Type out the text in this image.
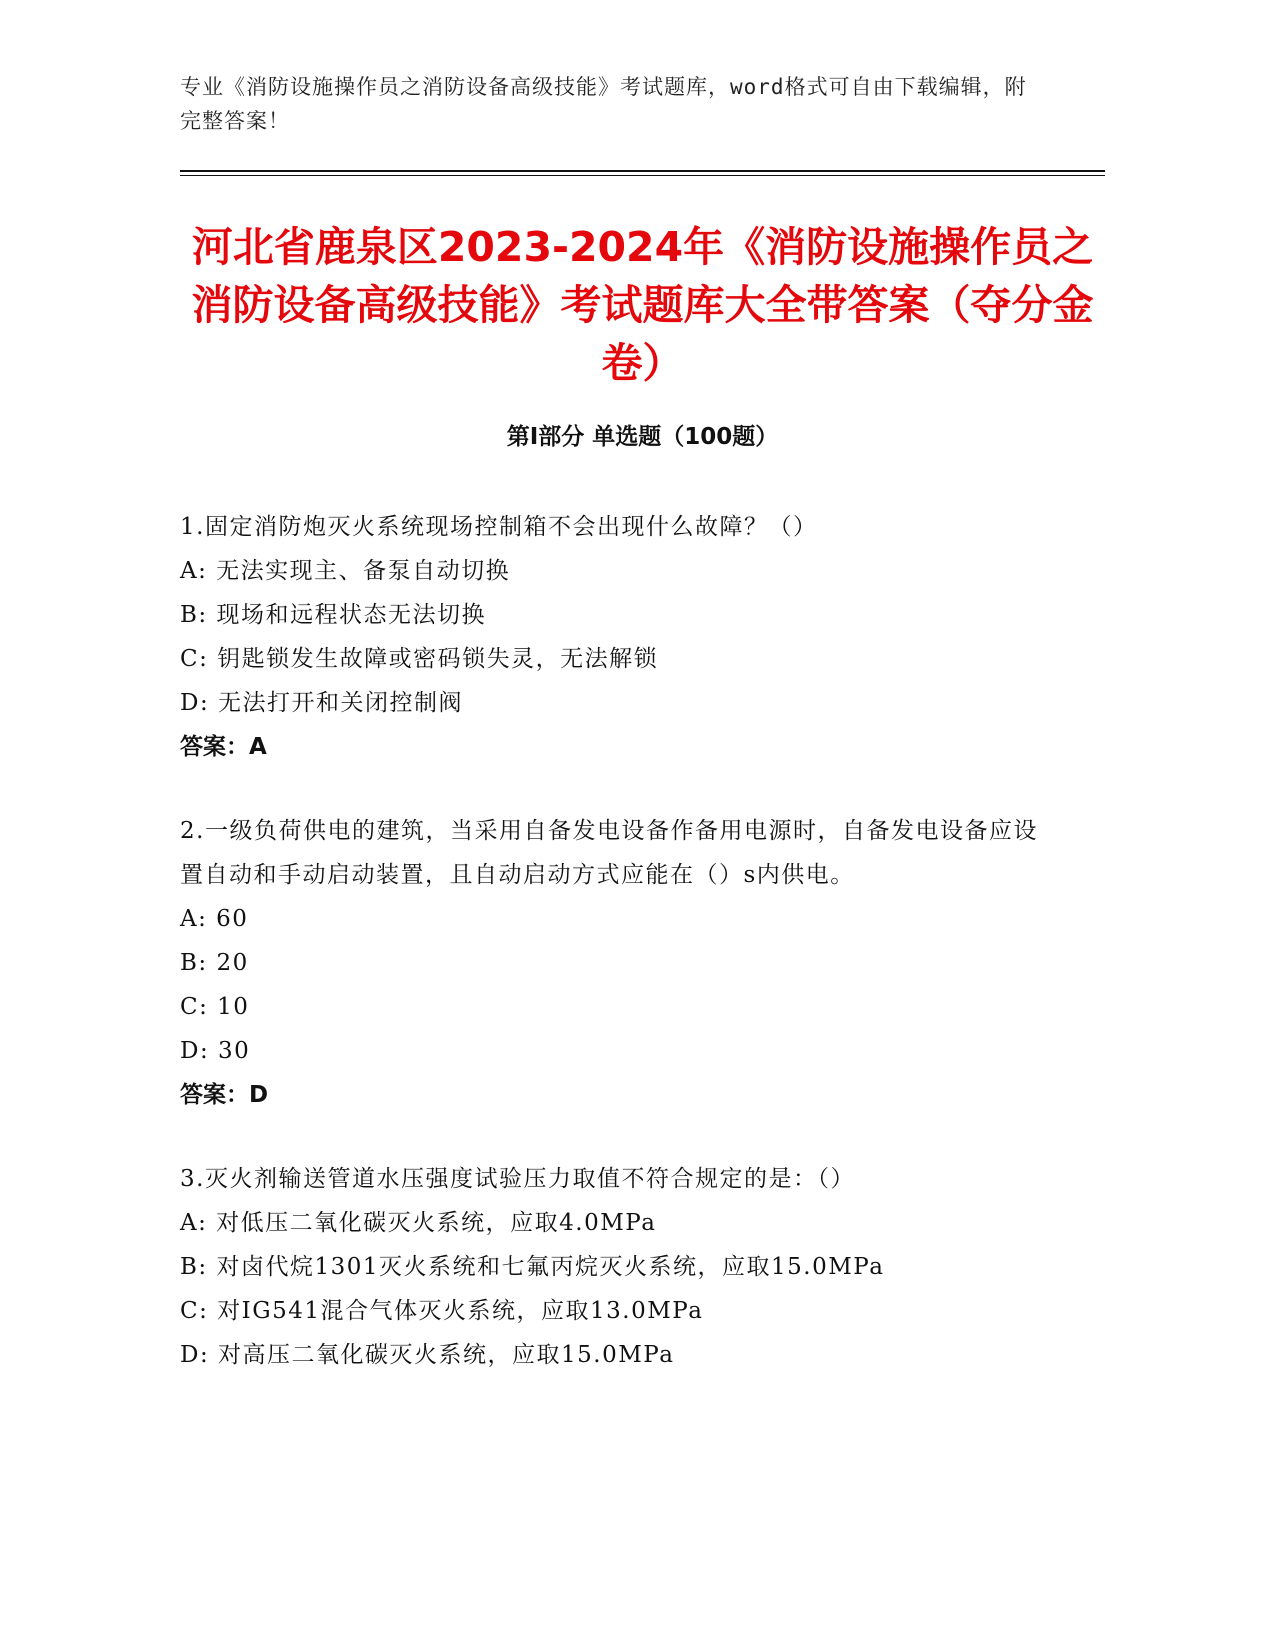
专业《消防设施操作员之消防设备高级技能》考试题库，word格式可自由下载编辑，附完整答案！
河北省鹿泉区2023-2024年《消防设施操作员之消防设备高级技能》考试题库大全带答案（夺分金卷）
第Ⅰ部分 单选题（100题）
1.固定消防炮灭火系统现场控制箱不会出现什么故障？（）
A: 无法实现主、备泵自动切换
B: 现场和远程状态无法切换
C: 钥匙锁发生故障或密码锁失灵，无法解锁
D: 无法打开和关闭控制阀
答案：A
2.一级负荷供电的建筑，当采用自备发电设备作备用电源时，自备发电设备应设置自动和手动启动装置，且自动启动方式应能在（）s内供电。
A: 60
B: 20
C: 10
D: 30
答案：D
3.灭火剂输送管道水压强度试验压力取值不符合规定的是：（）
A: 对低压二氧化碳灭火系统，应取4.0MPa
B: 对卤代烷1301灭火系统和七氟丙烷灭火系统，应取15.0MPa
C: 对IG541混合气体灭火系统，应取13.0MPa
D: 对高压二氧化碳灭火系统，应取15.0MPa
